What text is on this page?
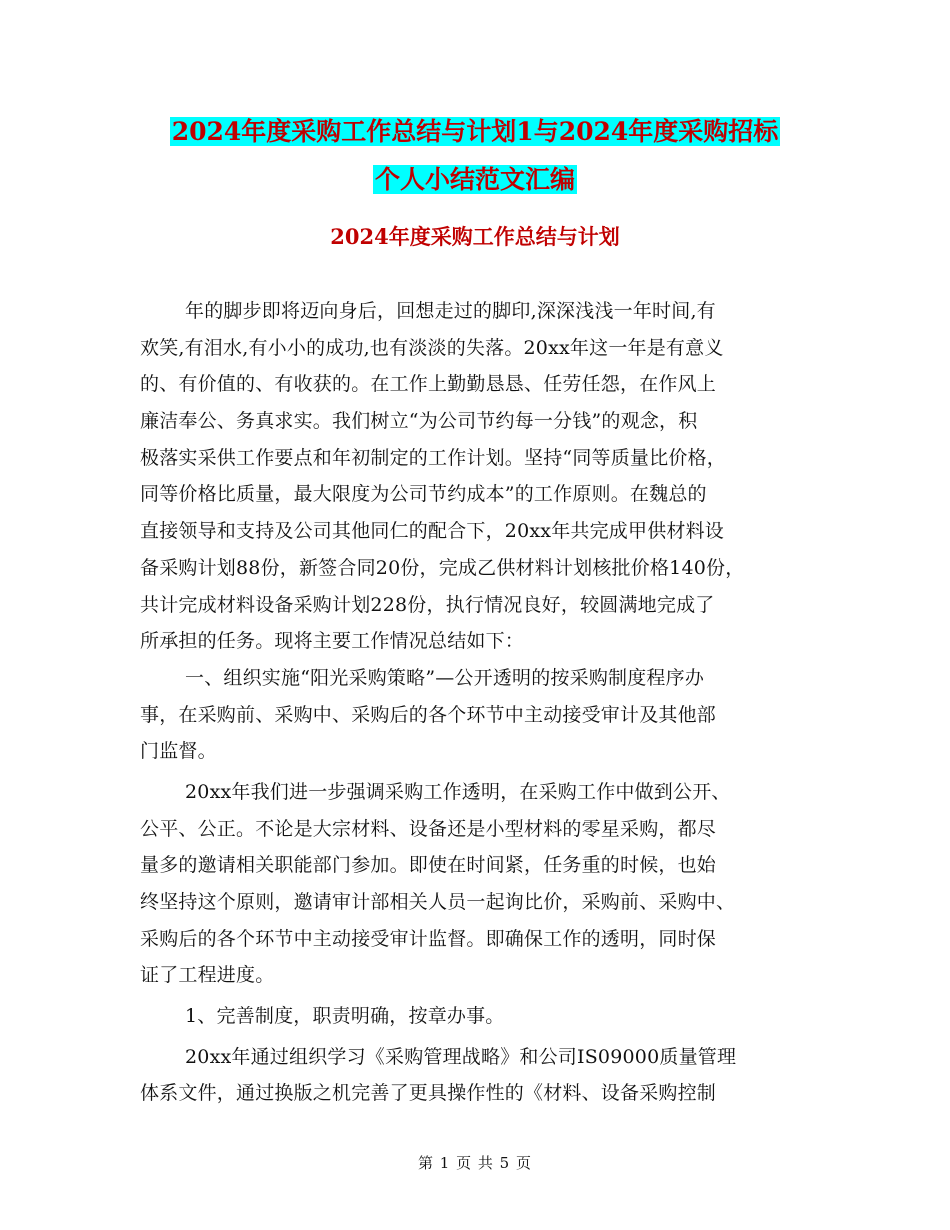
2024年度采购工作总结与计划1与2024年度采购招标
个人小结范文汇编
2024年度采购工作总结与计划
年的脚步即将迈向身后，回想走过的脚印,深深浅浅一年时间,有
欢笑,有泪水,有小小的成功,也有淡淡的失落。20xx年这一年是有意义
的、有价值的、有收获的。在工作上勤勤恳恳、任劳任怨，在作风上
廉洁奉公、务真求实。我们树立“为公司节约每一分钱”的观念，积
极落实采供工作要点和年初制定的工作计划。坚持“同等质量比价格，
同等价格比质量，最大限度为公司节约成本”的工作原则。在魏总的
直接领导和支持及公司其他同仁的配合下，20xx年共完成甲供材料设
备采购计划88份，新签合同20份，完成乙供材料计划核批价格140份，
共计完成材料设备采购计划228份，执行情况良好，较圆满地完成了
所承担的任务。现将主要工作情况总结如下：
一、组织实施“阳光采购策略”—公开透明的按采购制度程序办
事，在采购前、采购中、采购后的各个环节中主动接受审计及其他部
门监督。
20xx年我们进一步强调采购工作透明，在采购工作中做到公开、
公平、公正。不论是大宗材料、设备还是小型材料的零星采购，都尽
量多的邀请相关职能部门参加。即使在时间紧，任务重的时候，也始
终坚持这个原则，邀请审计部相关人员一起询比价，采购前、采购中、
采购后的各个环节中主动接受审计监督。即确保工作的透明，同时保
证了工程进度。
1、完善制度，职责明确，按章办事。
20xx年通过组织学习《采购管理战略》和公司IS09000质量管理
体系文件，通过换版之机完善了更具操作性的《材料、设备采购控制
第 1 页 共 5 页
